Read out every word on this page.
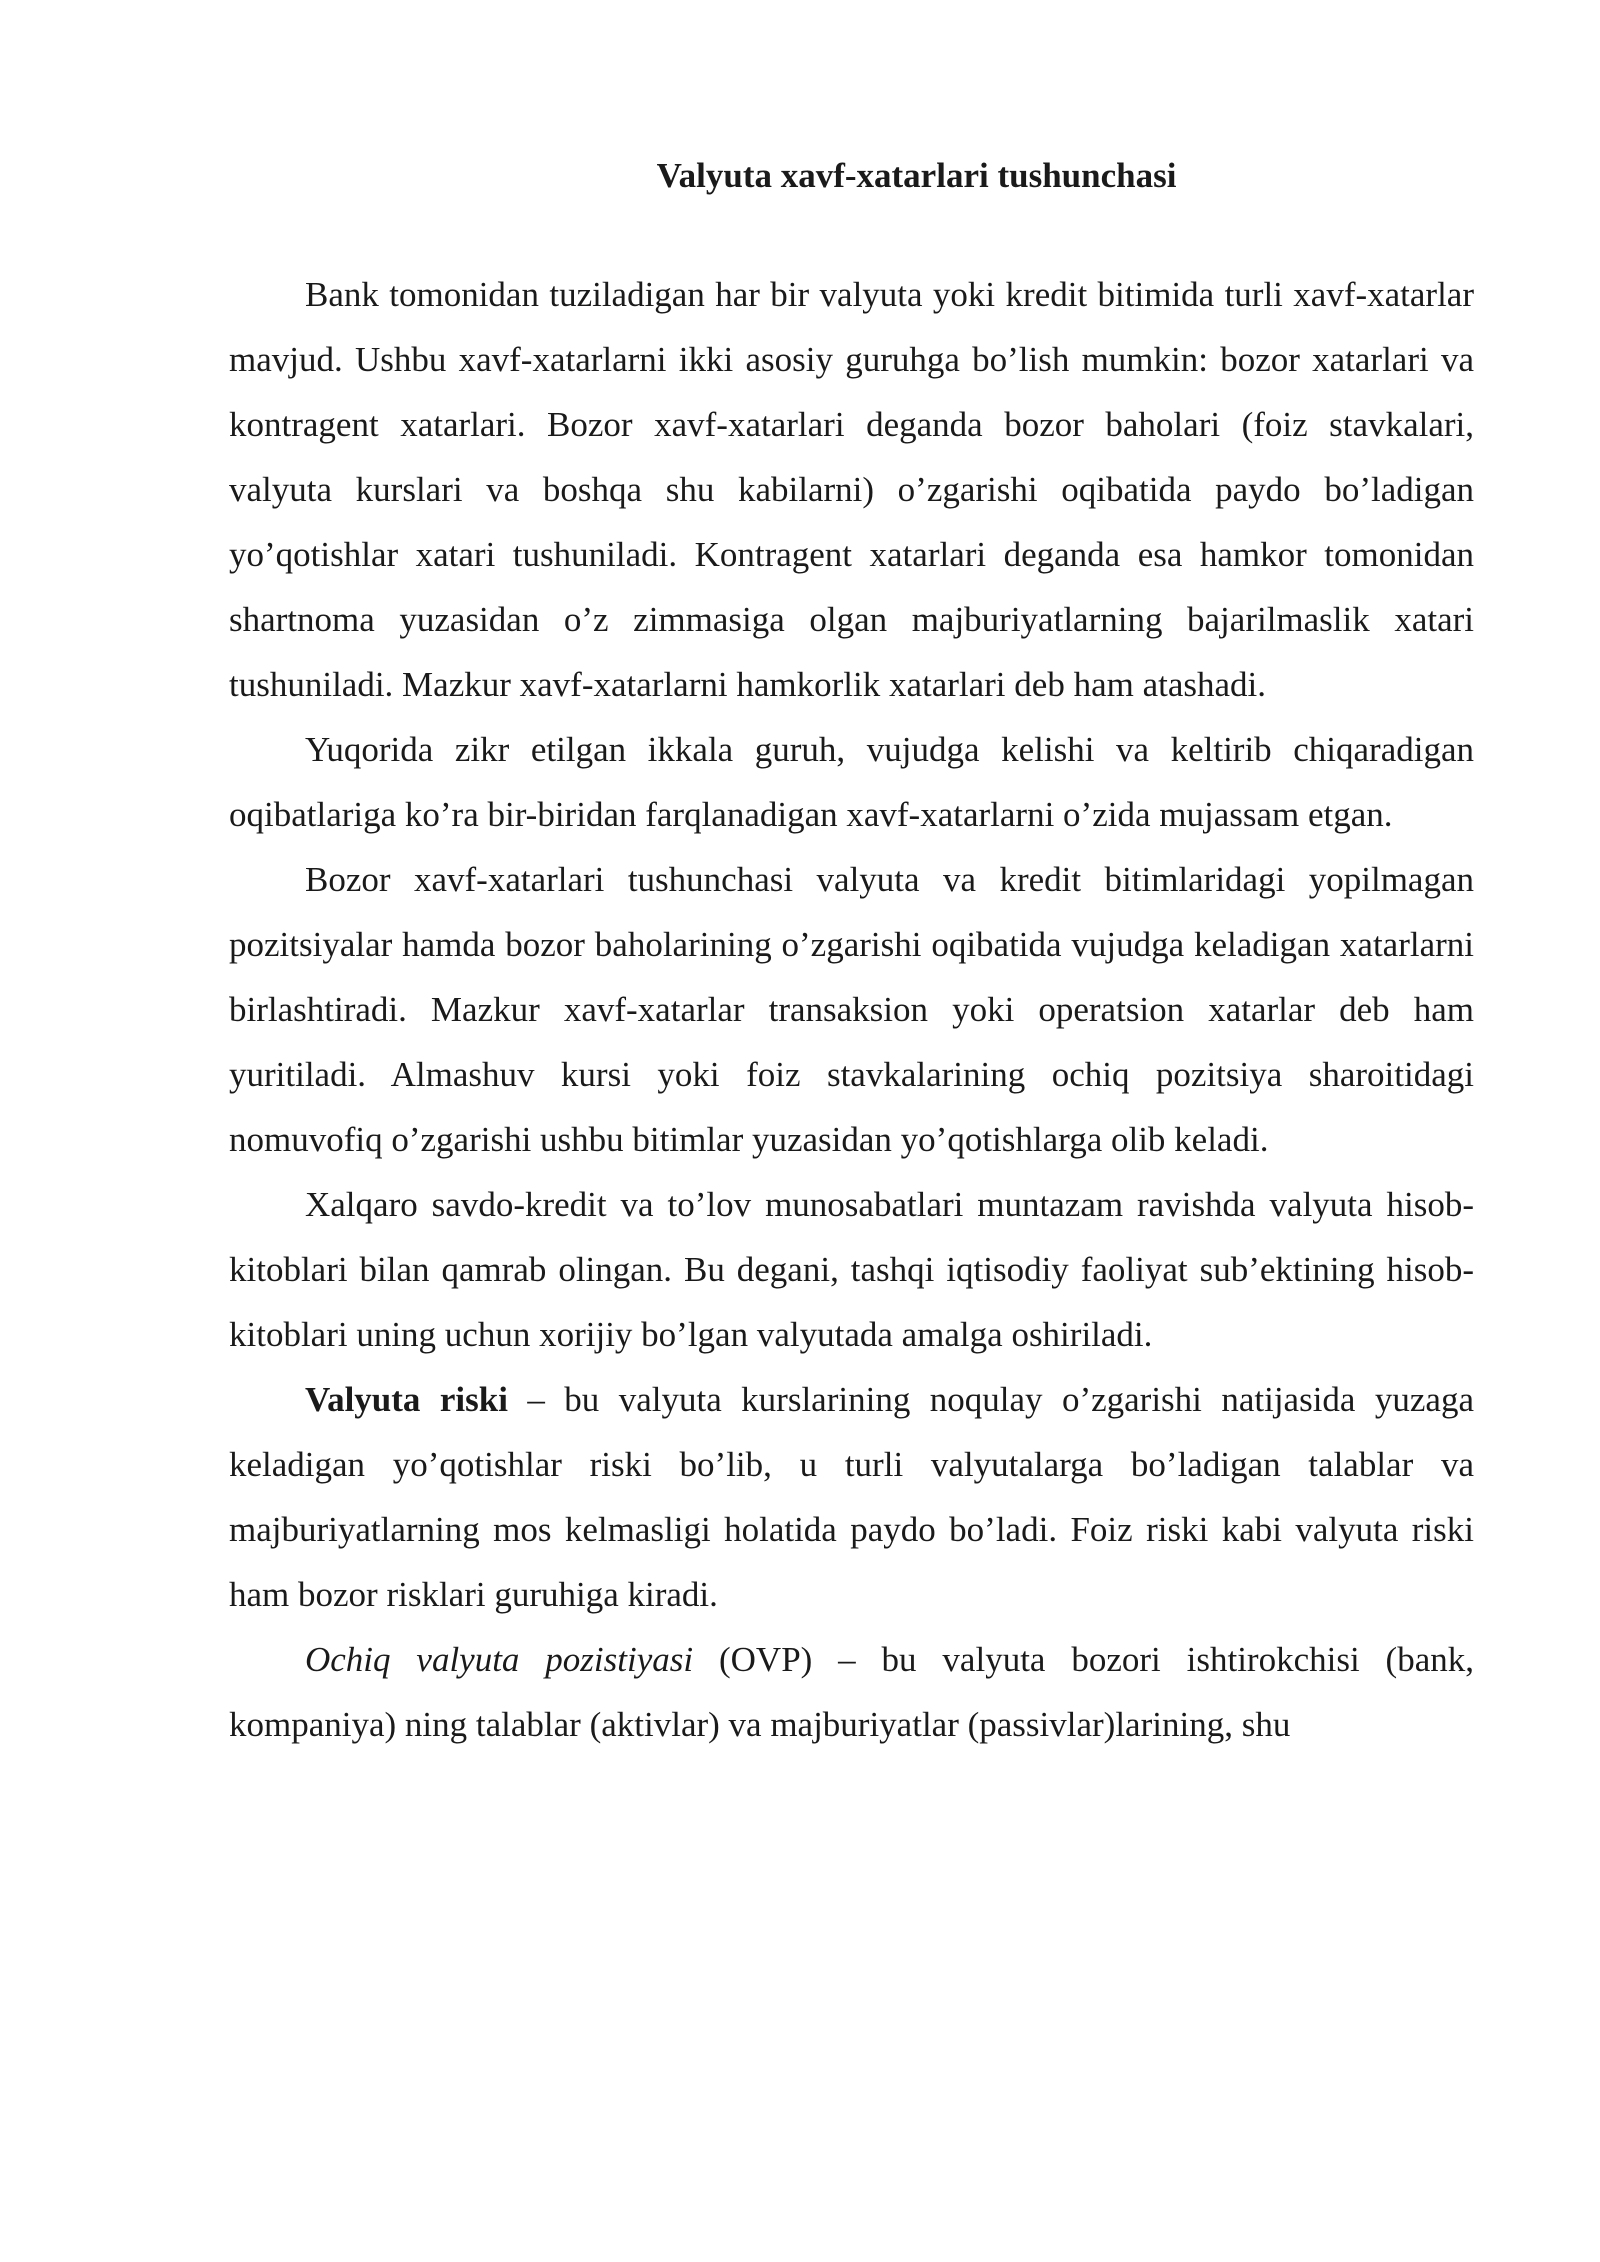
Valyuta xavf-xatarlari tushunchasi

Bank tomonidan tuziladigan har bir valyuta yoki kredit bitimida turli xavf-xatarlar mavjud. Ushbu xavf-xatarlarni ikki asosiy guruhga bo’lish mumkin: bozor xatarlari va kontragent xatarlari. Bozor xavf-xatarlari deganda bozor baholari (foiz stavkalari, valyuta kurslari va boshqa shu kabilarni) o’zgarishi oqibatida paydo bo’ladigan yo’qotishlar xatari tushuniladi. Kontragent xatarlari deganda esa hamkor tomonidan shartnoma yuzasidan o’z zimmasiga olgan majburiyatlarning bajarilmaslik xatari tushuniladi. Mazkur xavf-xatarlarni hamkorlik xatarlari deb ham atashadi.

Yuqorida zikr etilgan ikkala guruh, vujudga kelishi va keltirib chiqaradigan oqibatlariga ko’ra bir-biridan farqlanadigan xavf-xatarlarni o’zida mujassam etgan.

Bozor xavf-xatarlari tushunchasi valyuta va kredit bitimlaridagi yopilmagan pozitsiyalar hamda bozor baholarining o’zgarishi oqibatida vujudga keladigan xatarlarni birlashtiradi. Mazkur xavf-xatarlar transaksion yoki operatsion xatarlar deb ham yuritiladi. Almashuv kursi yoki foiz stavkalarining ochiq pozitsiya sharoitidagi nomuvofiq o’zgarishi ushbu bitimlar yuzasidan yo’qotishlarga olib keladi.

Xalqaro savdo-kredit va to’lov munosabatlari muntazam ravishda valyuta hisob-kitoblari bilan qamrab olingan. Bu degani, tashqi iqtisodiy faoliyat sub’ektining hisob-kitoblari uning uchun xorijiy bo’lgan valyutada amalga oshiriladi.

Valyuta riski – bu valyuta kurslarining noqulay o’zgarishi natijasida yuzaga keladigan yo’qotishlar riski bo’lib, u turli valyutalarga bo’ladigan talablar va majburiyatlarning mos kelmasligi holatida paydo bo’ladi. Foiz riski kabi valyuta riski ham bozor risklari guruhiga kiradi.

Ochiq valyuta pozistiyasi (OVP) – bu valyuta bozori ishtirokchisi (bank, kompaniya) ning talablar (aktivlar) va majburiyatlar (passivlar)larining, shu
